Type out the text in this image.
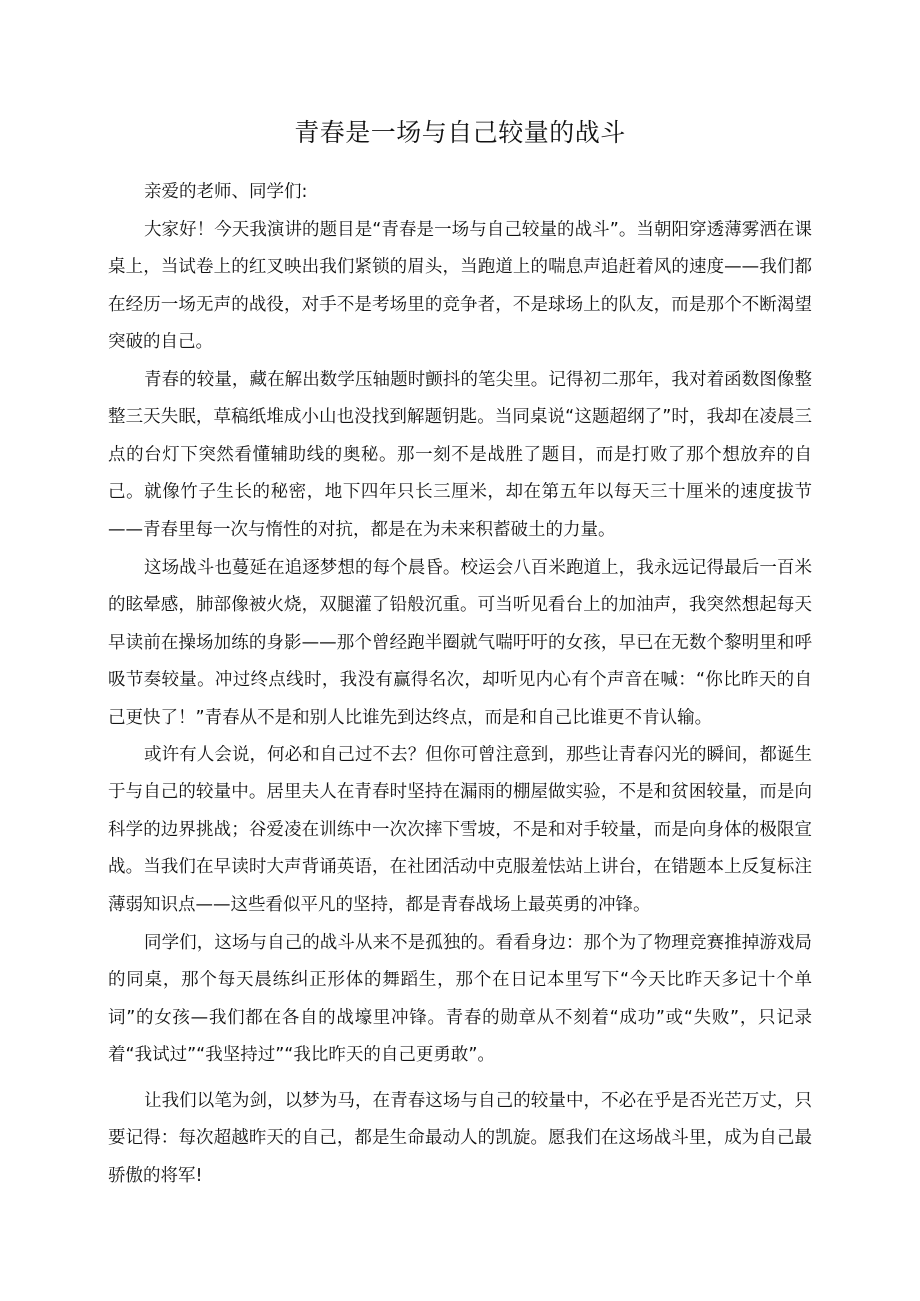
青春是一场与自己较量的战斗

亲爱的老师、同学们:

大家好！今天我演讲的题目是“青春是一场与自己较量的战斗”。当朝阳穿透薄雾洒在课桌上，当试卷上的红叉映出我们紧锁的眉头，当跑道上的喘息声追赶着风的速度——我们都在经历一场无声的战役，对手不是考场里的竞争者，不是球场上的队友，而是那个不断渴望突破的自己。

青春的较量，藏在解出数学压轴题时颤抖的笔尖里。记得初二那年，我对着函数图像整整三天失眠，草稿纸堆成小山也没找到解题钥匙。当同桌说“这题超纲了”时，我却在凌晨三点的台灯下突然看懂辅助线的奥秘。那一刻不是战胜了题目，而是打败了那个想放弃的自己。就像竹子生长的秘密，地下四年只长三厘米，却在第五年以每天三十厘米的速度拔节——青春里每一次与惰性的对抗，都是在为未来积蓄破土的力量。

这场战斗也蔓延在追逐梦想的每个晨昏。校运会八百米跑道上，我永远记得最后一百米的眩晕感，肺部像被火烧，双腿灌了铅般沉重。可当听见看台上的加油声，我突然想起每天早读前在操场加练的身影——那个曾经跑半圈就气喘吁吁的女孩，早已在无数个黎明里和呼吸节奏较量。冲过终点线时，我没有赢得名次，却听见内心有个声音在喊：“你比昨天的自己更快了！”青春从不是和别人比谁先到达终点，而是和自己比谁更不肯认输。

或许有人会说，何必和自己过不去？但你可曾注意到，那些让青春闪光的瞬间，都诞生于与自己的较量中。居里夫人在青春时坚持在漏雨的棚屋做实验，不是和贫困较量，而是向科学的边界挑战；谷爱凌在训练中一次次摔下雪坡，不是和对手较量，而是向身体的极限宣战。当我们在早读时大声背诵英语，在社团活动中克服羞怯站上讲台，在错题本上反复标注薄弱知识点——这些看似平凡的坚持，都是青春战场上最英勇的冲锋。

同学们，这场与自己的战斗从来不是孤独的。看看身边：那个为了物理竞赛推掉游戏局的同桌，那个每天晨练纠正形体的舞蹈生，那个在日记本里写下“今天比昨天多记十个单词”的女孩—我们都在各自的战壕里冲锋。青春的勋章从不刻着“成功”或“失败”，只记录着“我试过”“我坚持过”“我比昨天的自己更勇敢”。

让我们以笔为剑，以梦为马，在青春这场与自己的较量中，不必在乎是否光芒万丈，只要记得：每次超越昨天的自己，都是生命最动人的凯旋。愿我们在这场战斗里，成为自己最骄傲的将军!
